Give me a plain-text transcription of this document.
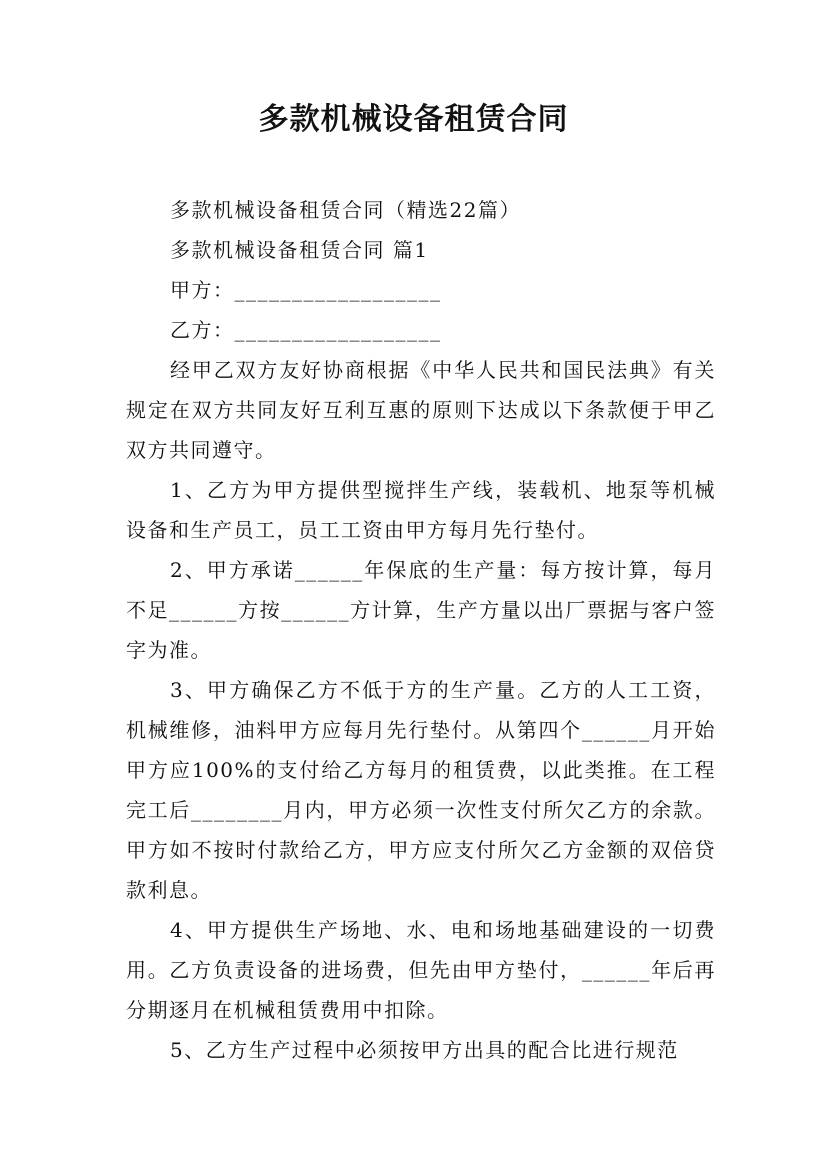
多款机械设备租赁合同

多款机械设备租赁合同（精选22篇）

多款机械设备租赁合同 篇1

甲方：__________________

乙方：__________________

经甲乙双方友好协商根据《中华人民共和国民法典》有关规定在双方共同友好互利互惠的原则下达成以下条款便于甲乙双方共同遵守。

1、乙方为甲方提供型搅拌生产线，装载机、地泵等机械设备和生产员工，员工工资由甲方每月先行垫付。

2、甲方承诺______年保底的生产量：每方按计算，每月不足______方按______方计算，生产方量以出厂票据与客户签字为准。

3、甲方确保乙方不低于方的生产量。乙方的人工工资，机械维修，油料甲方应每月先行垫付。从第四个______月开始甲方应100%的支付给乙方每月的租赁费，以此类推。在工程完工后________月内，甲方必须一次性支付所欠乙方的余款。甲方如不按时付款给乙方，甲方应支付所欠乙方金额的双倍贷款利息。

4、甲方提供生产场地、水、电和场地基础建设的一切费用。乙方负责设备的进场费，但先由甲方垫付，______年后再分期逐月在机械租赁费用中扣除。

5、乙方生产过程中必须按甲方出具的配合比进行规范
